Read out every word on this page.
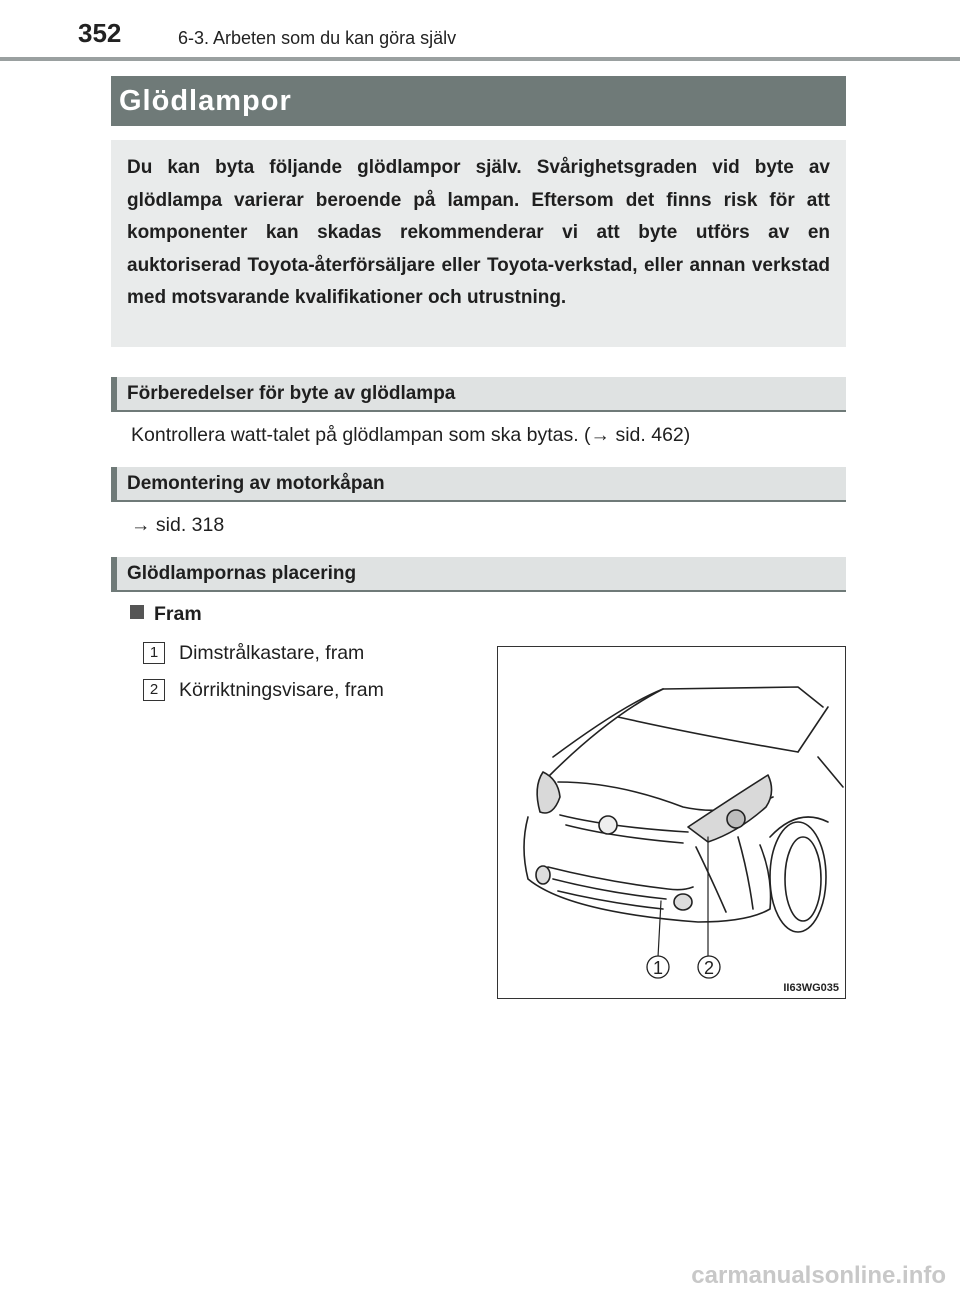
352	6-3. Arbeten som du kan göra själv
Glödlampor

Du kan byta följande glödlampor själv. Svårighetsgraden vid byte av glödlampa varierar beroende på lampan. Eftersom det finns risk för att komponenter kan skadas rekommenderar vi att byte utförs av en auktoriserad Toyota-återförsäljare eller Toyota-verkstad, eller annan verkstad med motsvarande kvalifikationer och utrustning.

Förberedelser för byte av glödlampa
Kontrollera watt-talet på glödlampan som ska bytas. (→ sid. 462)
Demontering av motorkåpan
→ sid. 318
Glödlampornas placering
Fram
1	Dimstrålkastare, fram
2	Körriktningsvisare, fram
1 2
II63WG035
carmanualsonline.info
